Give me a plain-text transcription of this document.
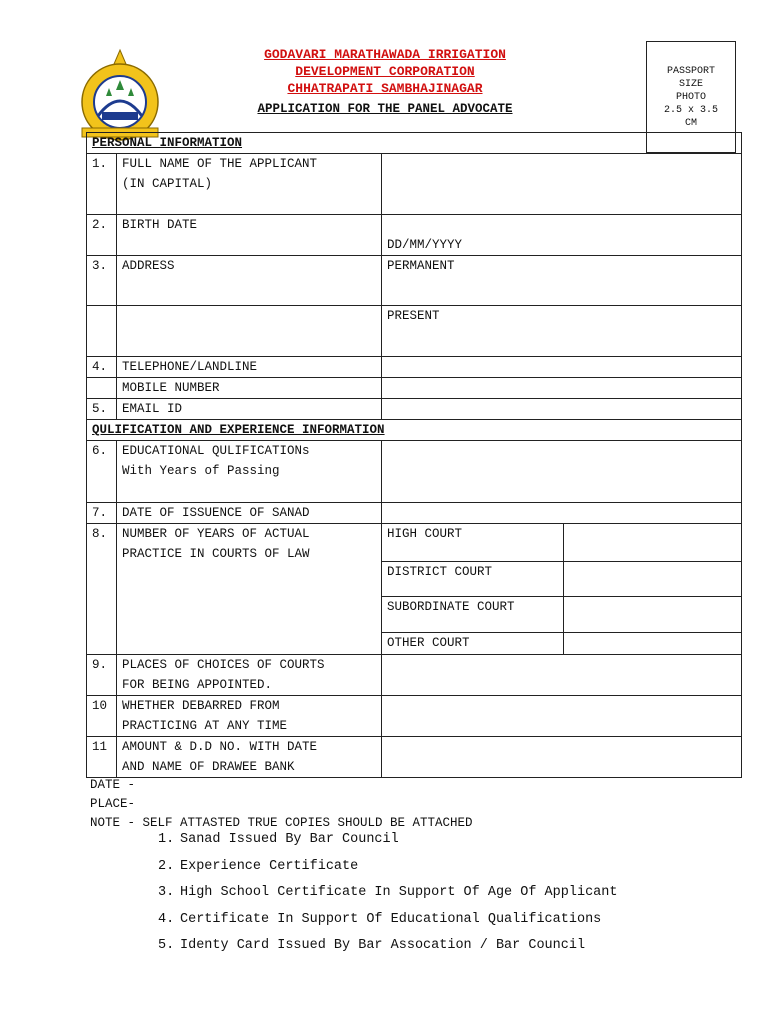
GODAVARI MARATHAWADA IRRIGATION
DEVELOPMENT CORPORATION
CHHATRAPATI SAMBHAJINAGAR
APPLICATION FOR THE PANEL ADVOCATE
PASSPORT
SIZE
PHOTO
2.5 x 3.5
CM
PERSONAL INFORMATION			
1.	FULL NAME OF THE APPLICANT
(IN CAPITAL)		
2.	BIRTH DATE	DD/MM/YYYY	
3.	ADDRESS	PERMANENT	
		PRESENT	
4.	TELEPHONE/LANDLINE		
	MOBILE NUMBER		
5.	EMAIL ID		
QULIFICATION AND EXPERIENCE INFORMATION			
6.	EDUCATIONAL QULIFICATIONs
With Years of Passing		
7.	DATE OF ISSUENCE OF SANAD		
8.	NUMBER OF YEARS OF ACTUAL
PRACTICE IN COURTS OF LAW	HIGH COURT	
		DISTRICT COURT	
		SUBORDINATE COURT	
		OTHER COURT	
9.	PLACES OF CHOICES OF COURTS
FOR BEING APPOINTED.		
10	WHETHER DEBARRED FROM
PRACTICING AT ANY TIME		
11	AMOUNT & D.D NO. WITH DATE
AND NAME OF DRAWEE BANK		
DATE -
PLACE-
NOTE - SELF ATTASTED TRUE COPIES SHOULD BE ATTACHED
1. Sanad Issued By Bar Council
2. Experience Certificate
3. High School Certificate In Support Of Age Of Applicant
4. Certificate In Support Of Educational Qualifications
5. Identy Card Issued By Bar Assocation / Bar Council
